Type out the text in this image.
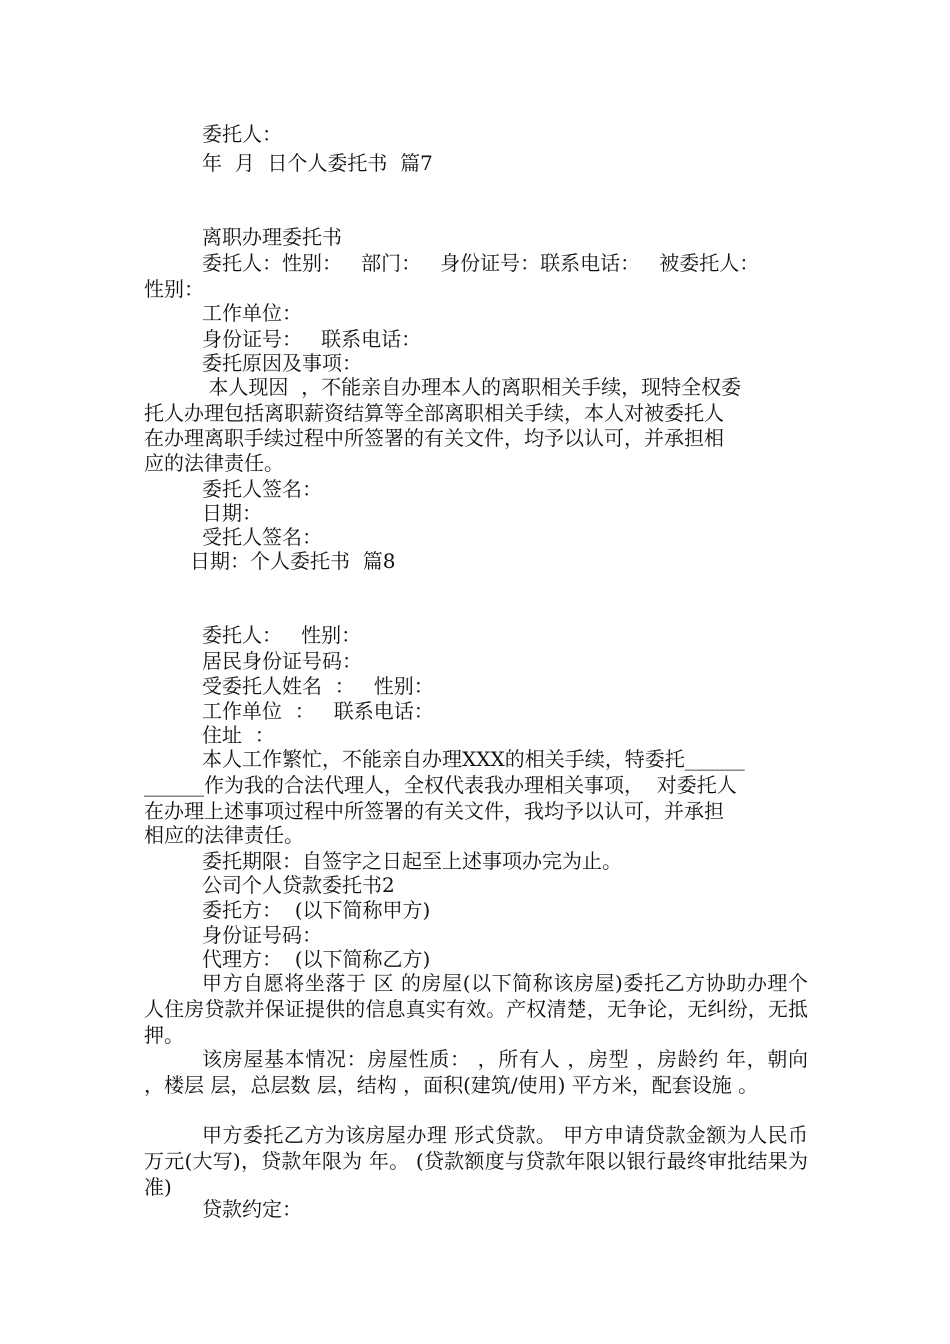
委托人：
年  月  日个人委托书  篇7
离职办理委托书
委托人：性别：   部门：   身份证号：联系电话：   被委托人：
性别：
工作单位：
身份证号：   联系电话：
委托原因及事项：
本人现因  ，不能亲自办理本人的离职相关手续，现特全权委
托人办理包括离职薪资结算等全部离职相关手续，本人对被委托人
在办理离职手续过程中所签署的有关文件，均予以认可，并承担相
应的法律责任。
委托人签名：
日期：
受托人签名：
日期：个人委托书  篇8
委托人：   性别：
居民身份证号码：
受委托人姓名  ：   性别：
工作单位  ：   联系电话：
住址  ：
本人工作繁忙，不能亲自办理XXX的相关手续，特委托______
______作为我的合法代理人，全权代表我办理相关事项，  对委托人
在办理上述事项过程中所签署的有关文件，我均予以认可，并承担
相应的法律责任。
委托期限：自签字之日起至上述事项办完为止。
公司个人贷款委托书2
委托方：  (以下简称甲方)
身份证号码：
代理方：  (以下简称乙方)
甲方自愿将坐落于 区 的房屋(以下简称该房屋)委托乙方协助办理个人住房贷款并保证提供的信息真实有效。产权清楚，无争论，无纠纷，无抵押。
该房屋基本情况：房屋性质： ，所有人 ，房型 ，房龄约 年，朝向 ，楼层 层，总层数 层，结构 ，面积(建筑/使用) 平方米，配套设施 。
甲方委托乙方为该房屋办理 形式贷款。 甲方申请贷款金额为人民币 万元(大写)，贷款年限为 年。 (贷款额度与贷款年限以银行最终审批结果为准)
贷款约定：
